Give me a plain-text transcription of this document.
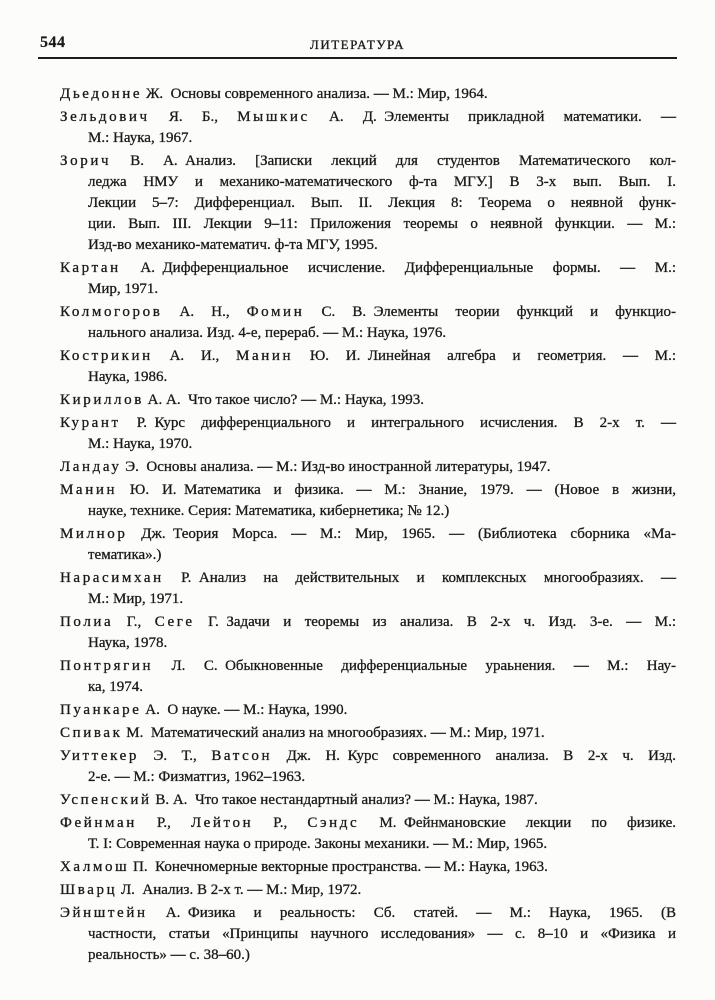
544	ЛИТЕРАТУРА
Дьедонне Ж. Основы современного анализа. — М.: Мир, 1964.
Зельдович Я. Б., Мышкис А. Д. Элементы прикладной математики. —
М.: Наука, 1967.
Зорич В. А. Анализ. [Записки лекций для студентов Математического кол-
леджа НМУ и механико-математического ф-та МГУ.] В 3-х вып. Вып. I.
Лекции 5–7: Дифференциал. Вып. II. Лекция 8: Теорема о неявной функ-
ции. Вып. III. Лекции 9–11: Приложения теоремы о неявной функции. — М.:
Изд-во механико-математич. ф-та МГУ, 1995.
Картан А. Дифференциальное исчисление. Дифференциальные формы. — М.:
Мир, 1971.
Колмогоров А. Н., Фомин С. В. Элементы теории функций и функцио-
нального анализа. Изд. 4-е, перераб. — М.: Наука, 1976.
Кострикин А. И., Манин Ю. И. Линейная алгебра и геометрия. — М.:
Наука, 1986.
Кириллов А. А. Что такое число? — М.: Наука, 1993.
Курант Р. Курс дифференциального и интегрального исчисления. В 2-х т. —
М.: Наука, 1970.
Ландау Э. Основы анализа. — М.: Изд-во иностранной литературы, 1947.
Манин Ю. И. Математика и физика. — М.: Знание, 1979. — (Новое в жизни,
науке, технике. Серия: Математика, кибернетика; № 12.)
Милнор Дж. Теория Морса. — М.: Мир, 1965. — (Библиотека сборника «Ма-
тематика».)
Нарасимхан Р. Анализ на действительных и комплексных многообразиях. —
М.: Мир, 1971.
Полиа Г., Сеге Г. Задачи и теоремы из анализа. В 2-х ч. Изд. 3-е. — М.:
Наука, 1978.
Понтрягин Л. С. Обыкновенные дифференциальные ураьнения. — М.: Нау-
ка, 1974.
Пуанкаре А. О науке. — М.: Наука, 1990.
Спивак М. Математический анализ на многообразиях. — М.: Мир, 1971.
Уиттекер Э. Т., Ватсон Дж. Н. Курс современного анализа. В 2-х ч. Изд.
2-е. — М.: Физматгиз, 1962–1963.
Успенский В. А. Что такое нестандартный анализ? — М.: Наука, 1987.
Фейнман Р., Лейтон Р., Сэндс М. Фейнмановские лекции по физике.
Т. I: Современная наука о природе. Законы механики. — М.: Мир, 1965.
Халмош П. Конечномерные векторные пространства. — М.: Наука, 1963.
Шварц Л. Анализ. В 2-х т. — М.: Мир, 1972.
Эйнштейн А. Физика и реальность: Сб. статей. — М.: Наука, 1965. (В
частности, статьи «Принципы научного исследования» — с. 8–10 и «Физика и
реальность» — с. 38–60.)
